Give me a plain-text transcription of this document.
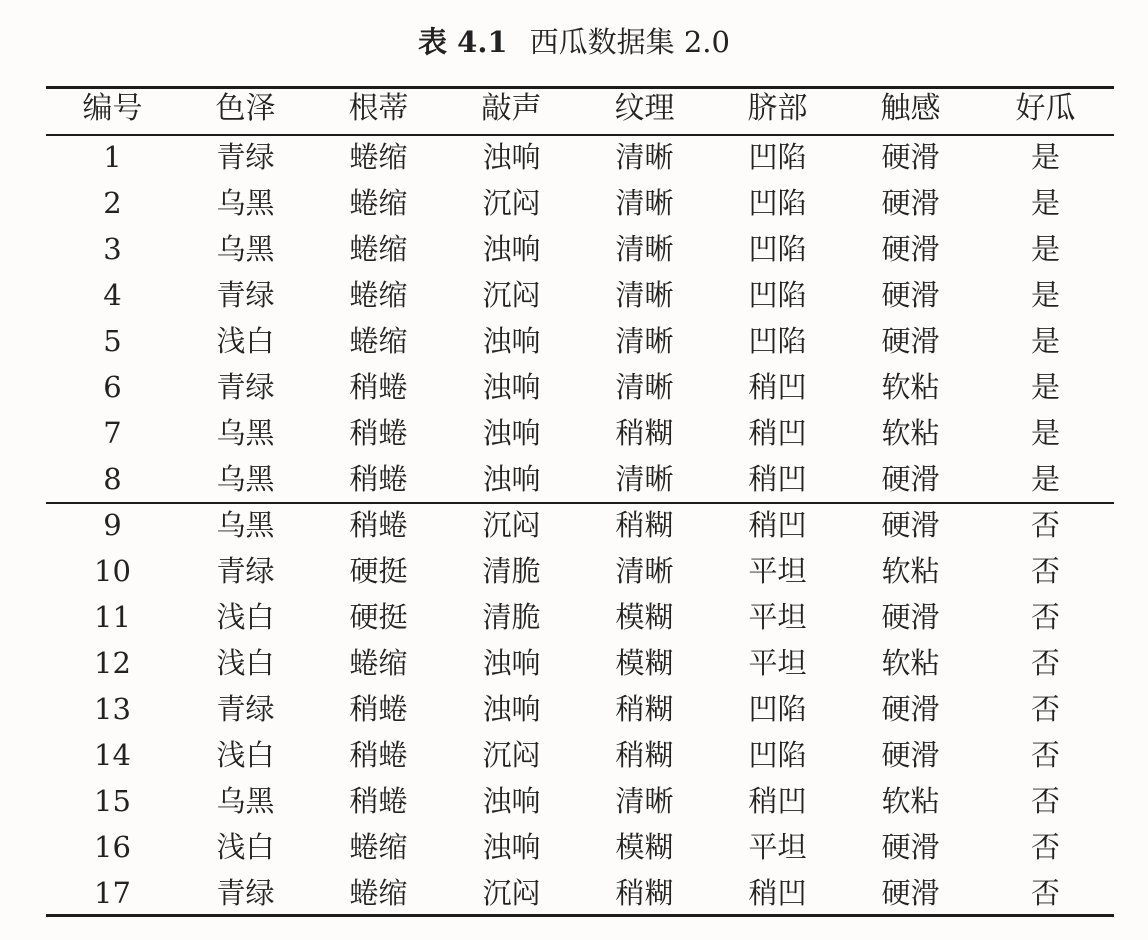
表 4.1 西瓜数据集 2.0
编号	色泽	根蒂	敲声	纹理	脐部	触感	好瓜
1	青绿	蜷缩	浊响	清晰	凹陷	硬滑	是
2	乌黑	蜷缩	沉闷	清晰	凹陷	硬滑	是
3	乌黑	蜷缩	浊响	清晰	凹陷	硬滑	是
4	青绿	蜷缩	沉闷	清晰	凹陷	硬滑	是
5	浅白	蜷缩	浊响	清晰	凹陷	硬滑	是
6	青绿	稍蜷	浊响	清晰	稍凹	软粘	是
7	乌黑	稍蜷	浊响	稍糊	稍凹	软粘	是
8	乌黑	稍蜷	浊响	清晰	稍凹	硬滑	是
9	乌黑	稍蜷	沉闷	稍糊	稍凹	硬滑	否
10	青绿	硬挺	清脆	清晰	平坦	软粘	否
11	浅白	硬挺	清脆	模糊	平坦	硬滑	否
12	浅白	蜷缩	浊响	模糊	平坦	软粘	否
13	青绿	稍蜷	浊响	稍糊	凹陷	硬滑	否
14	浅白	稍蜷	沉闷	稍糊	凹陷	硬滑	否
15	乌黑	稍蜷	浊响	清晰	稍凹	软粘	否
16	浅白	蜷缩	浊响	模糊	平坦	硬滑	否
17	青绿	蜷缩	沉闷	稍糊	稍凹	硬滑	否
